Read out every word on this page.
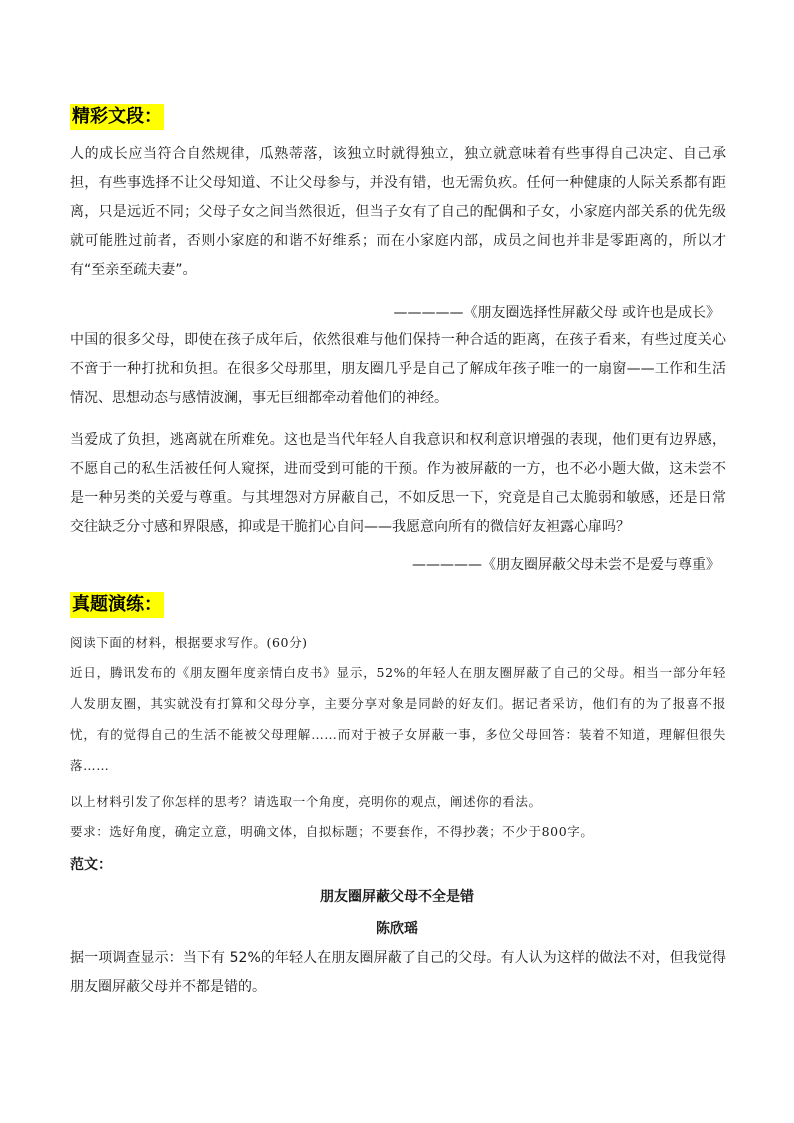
精彩文段：

人的成长应当符合自然规律，瓜熟蒂落，该独立时就得独立，独立就意味着有些事得自己决定、自己承担，有些事选择不让父母知道、不让父母参与，并没有错，也无需负疚。任何一种健康的人际关系都有距离，只是远近不同；父母子女之间当然很近，但当子女有了自己的配偶和子女，小家庭内部关系的优先级就可能胜过前者，否则小家庭的和谐不好维系；而在小家庭内部，成员之间也并非是零距离的，所以才有“至亲至疏夫妻”。

—————《朋友圈选择性屏蔽父母 或许也是成长》

中国的很多父母，即使在孩子成年后，依然很难与他们保持一种合适的距离，在孩子看来，有些过度关心不啻于一种打扰和负担。在很多父母那里，朋友圈几乎是自己了解成年孩子唯一的一扇窗——工作和生活情况、思想动态与感情波澜，事无巨细都牵动着他们的神经。

当爱成了负担，逃离就在所难免。这也是当代年轻人自我意识和权利意识增强的表现，他们更有边界感，不愿自己的私生活被任何人窥探，进而受到可能的干预。作为被屏蔽的一方，也不必小题大做，这未尝不是一种另类的关爱与尊重。与其埋怨对方屏蔽自己，不如反思一下，究竟是自己太脆弱和敏感，还是日常交往缺乏分寸感和界限感，抑或是干脆扪心自问——我愿意向所有的微信好友袒露心扉吗？

—————《朋友圈屏蔽父母未尝不是爱与尊重》
真题演练：

阅读下面的材料，根据要求写作。(60分)

近日，腾讯发布的《朋友圈年度亲情白皮书》显示，52%的年轻人在朋友圈屏蔽了自己的父母。相当一部分年轻人发朋友圈，其实就没有打算和父母分享，主要分享对象是同龄的好友们。据记者采访，他们有的为了报喜不报忧，有的觉得自己的生活不能被父母理解……而对于被子女屏蔽一事，多位父母回答：装着不知道，理解但很失落……

以上材料引发了你怎样的思考？请选取一个角度，亮明你的观点，阐述你的看法。

要求：选好角度，确定立意，明确文体，自拟标题；不要套作，不得抄袭；不少于800字。

范文：
朋友圈屏蔽父母不全是错
陈欣瑶

据一项调查显示：当下有 52%的年轻人在朋友圈屏蔽了自己的父母。有人认为这样的做法不对，但我觉得朋友圈屏蔽父母并不都是错的。
